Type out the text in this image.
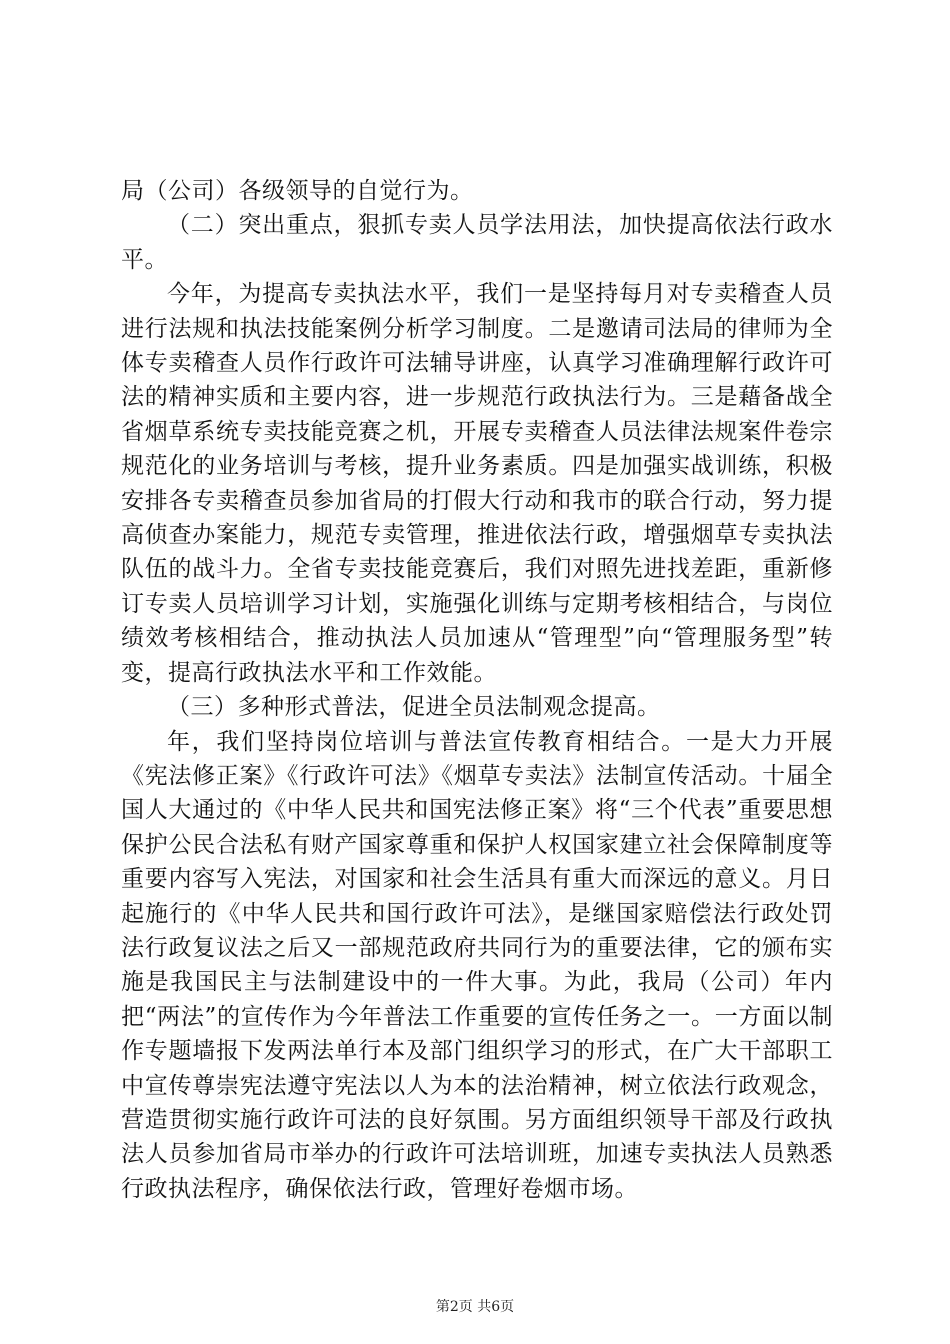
局（公司）各级领导的自觉行为。

（二）突出重点，狠抓专卖人员学法用法，加快提高依法行政水平。

今年，为提高专卖执法水平，我们一是坚持每月对专卖稽查人员进行法规和执法技能案例分析学习制度。二是邀请司法局的律师为全体专卖稽查人员作行政许可法辅导讲座，认真学习准确理解行政许可法的精神实质和主要内容，进一步规范行政执法行为。三是藉备战全省烟草系统专卖技能竞赛之机，开展专卖稽查人员法律法规案件卷宗规范化的业务培训与考核，提升业务素质。四是加强实战训练，积极安排各专卖稽查员参加省局的打假大行动和我市的联合行动，努力提高侦查办案能力，规范专卖管理，推进依法行政，增强烟草专卖执法队伍的战斗力。全省专卖技能竞赛后，我们对照先进找差距，重新修订专卖人员培训学习计划，实施强化训练与定期考核相结合，与岗位绩效考核相结合，推动执法人员加速从“管理型”向“管理服务型”转变，提高行政执法水平和工作效能。

（三）多种形式普法，促进全员法制观念提高。

年，我们坚持岗位培训与普法宣传教育相结合。一是大力开展《宪法修正案》《行政许可法》《烟草专卖法》法制宣传活动。十届全国人大通过的《中华人民共和国宪法修正案》将“三个代表”重要思想保护公民合法私有财产国家尊重和保护人权国家建立社会保障制度等重要内容写入宪法，对国家和社会生活具有重大而深远的意义。月日起施行的《中华人民共和国行政许可法》，是继国家赔偿法行政处罚法行政复议法之后又一部规范政府共同行为的重要法律，它的颁布实施是我国民主与法制建设中的一件大事。为此，我局（公司）年内把“两法”的宣传作为今年普法工作重要的宣传任务之一。一方面以制作专题墙报下发两法单行本及部门组织学习的形式，在广大干部职工中宣传尊崇宪法遵守宪法以人为本的法治精神，树立依法行政观念，营造贯彻实施行政许可法的良好氛围。另方面组织领导干部及行政执法人员参加省局市举办的行政许可法培训班，加速专卖执法人员熟悉行政执法程序，确保依法行政，管理好卷烟市场。

第2页 共6页
